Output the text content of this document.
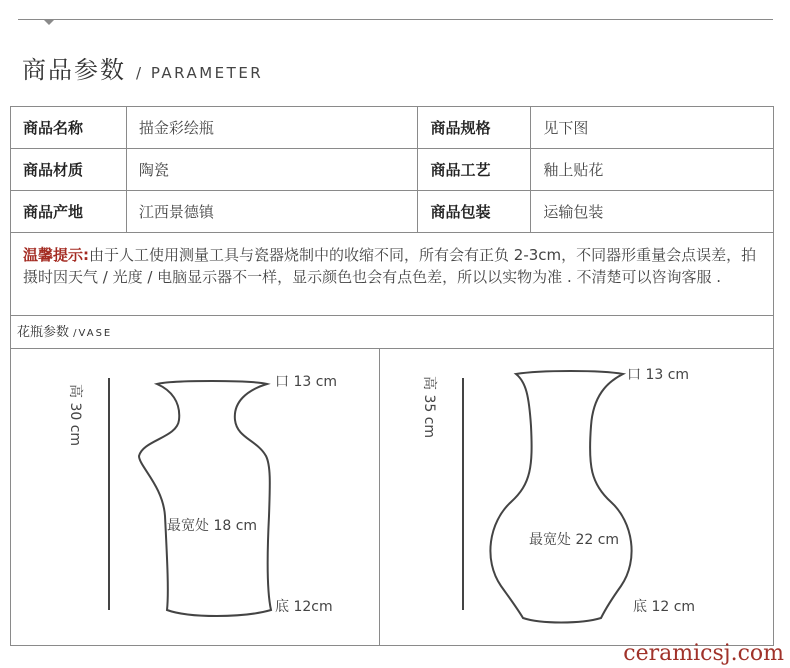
商品参数 / PARAMETER
商品名称	描金彩绘瓶	商品规格	见下图
商品材质	陶瓷	商品工艺	釉上贴花
商品产地	江西景德镇	商品包装	运输包装
温馨提示:由于人工使用测量工具与瓷器烧制中的收缩不同，所有会有正负 2-3cm，不同器形重量会点误差，拍摄时因天气 / 光度 / 电脑显示器不一样，显示颜色也会有点色差，所以以实物为准 . 不清楚可以咨询客服 .
花瓶参数 /VASE
高 30 cm
口 13 cm
最宽处 18 cm
底 12cm
高 35 cm
口 13 cm
最宽处 22 cm
底 12 cm
ceramicsj.com
